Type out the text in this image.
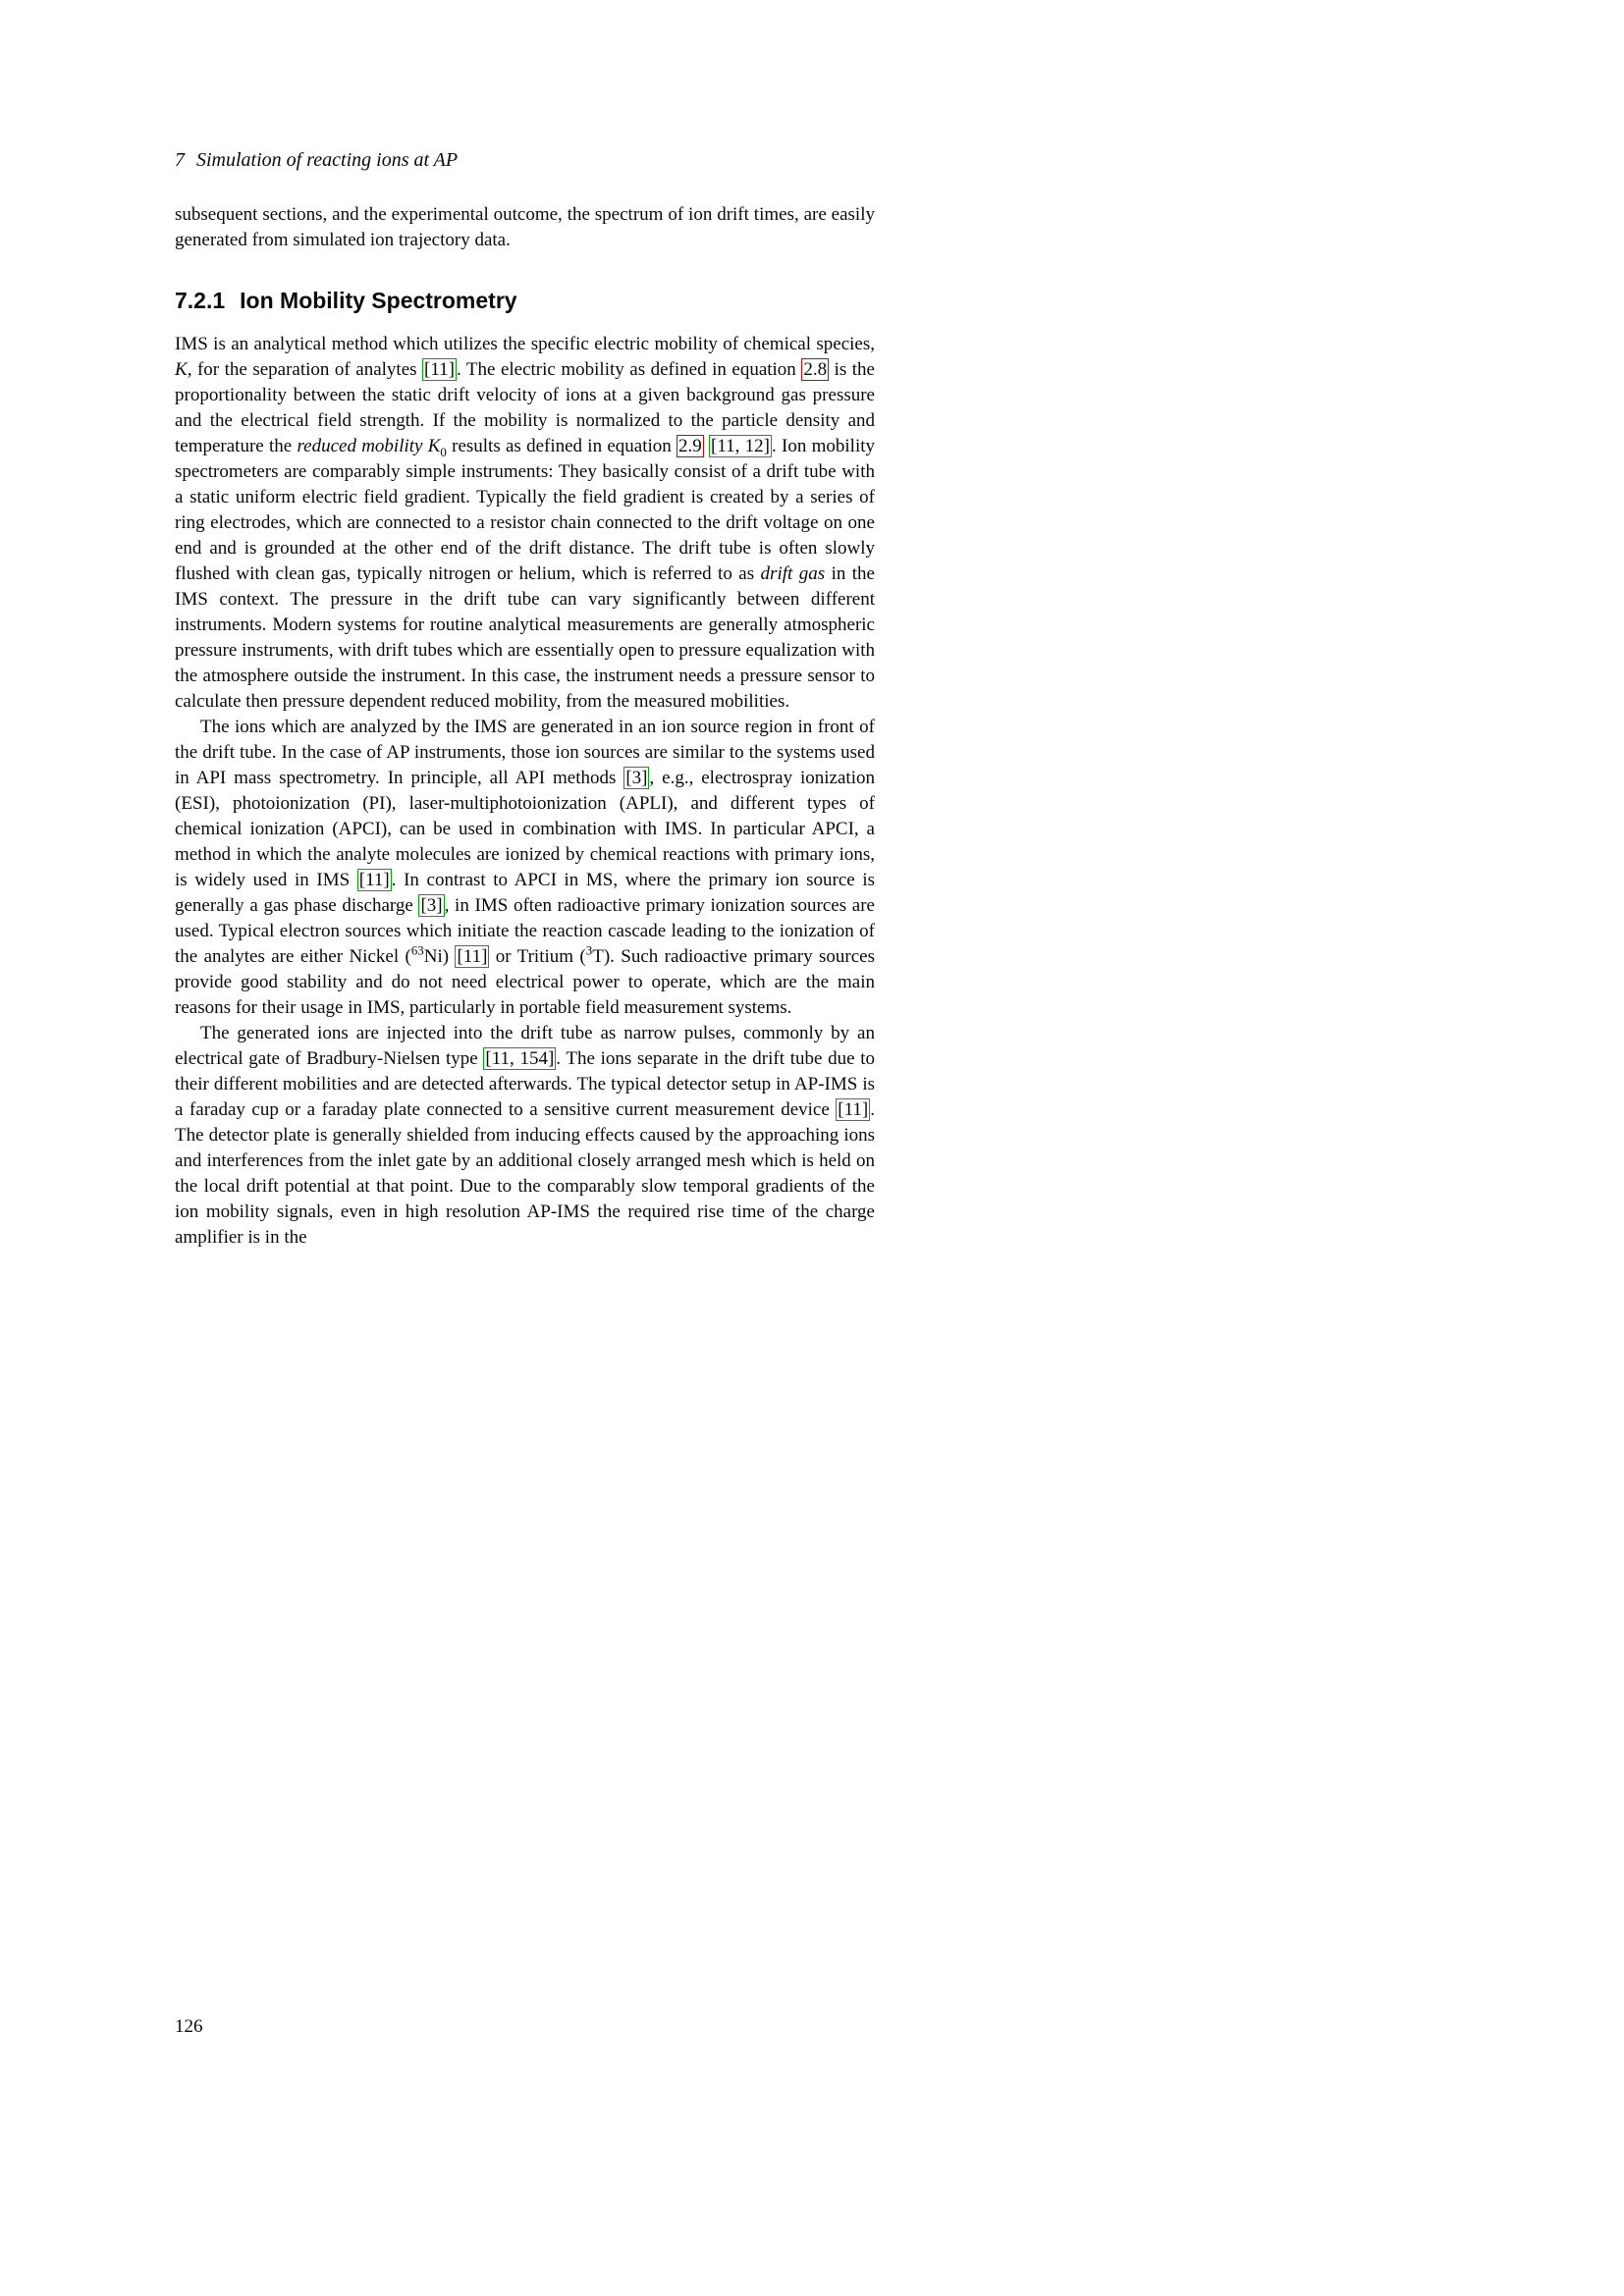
7 Simulation of reacting ions at AP

subsequent sections, and the experimental outcome, the spectrum of ion drift times, are easily generated from simulated ion trajectory data.

7.2.1 Ion Mobility Spectrometry

IMS is an analytical method which utilizes the specific electric mobility of chemical species, K, for the separation of analytes [11] . The electric mobility as defined in equation 2.8 is the proportionality between the static drift velocity of ions at a given background gas pressure and the electrical field strength. If the mobility is normalized to the particle density and temperature the reduced mobility $K_0$ results as defined in equation 2.9 [11, 12] . Ion mobility spectrometers are comparably simple instruments: They basically consist of a drift tube with a static uniform electric field gradient. Typically the field gradient is created by a series of ring electrodes, which are connected to a resistor chain connected to the drift voltage on one end and is grounded at the other end of the drift distance. The drift tube is often slowly flushed with clean gas, typically nitrogen or helium, which is referred to as drift gas in the IMS context. The pressure in the drift tube can vary significantly between different instruments. Modern systems for routine analytical measurements are generally atmospheric pressure instruments, with drift tubes which are essentially open to pressure equalization with the atmosphere outside the instrument. In this case, the instrument needs a pressure sensor to calculate then pressure dependent reduced mobility, from the measured mobilities.

The ions which are analyzed by the IMS are generated in an ion source region in front of the drift tube. In the case of AP instruments, those ion sources are similar to the systems used in API mass spectrometry. In principle, all API methods [3] , e.g., electrospray ionization (ESI), photoionization (PI), laser-multiphotoionization (APLI), and different types of chemical ionization (APCI), can be used in combination with IMS. In particular APCI, a method in which the analyte molecules are ionized by chemical reactions with primary ions, is widely used in IMS [11] . In contrast to APCI in MS, where the primary ion source is generally a gas phase discharge [3] , in IMS often radioactive primary ionization sources are used. Typical electron sources which initiate the reaction cascade leading to the ionization of the analytes are either Nickel ($^{63}$Ni) [11] or Tritium ($^3$T). Such radioactive primary sources provide good stability and do not need electrical power to operate, which are the main reasons for their usage in IMS, particularly in portable field measurement systems.

The generated ions are injected into the drift tube as narrow pulses, commonly by an electrical gate of Bradbury-Nielsen type [11, 154] . The ions separate in the drift tube due to their different mobilities and are detected afterwards. The typical detector setup in AP-IMS is a faraday cup or a faraday plate connected to a sensitive current measurement device [11] . The detector plate is generally shielded from inducing effects caused by the approaching ions and interferences from the inlet gate by an additional closely arranged mesh which is held on the local drift potential at that point. Due to the comparably slow temporal gradients of the ion mobility signals, even in high resolution AP-IMS the required rise time of the charge amplifier is in the

126
